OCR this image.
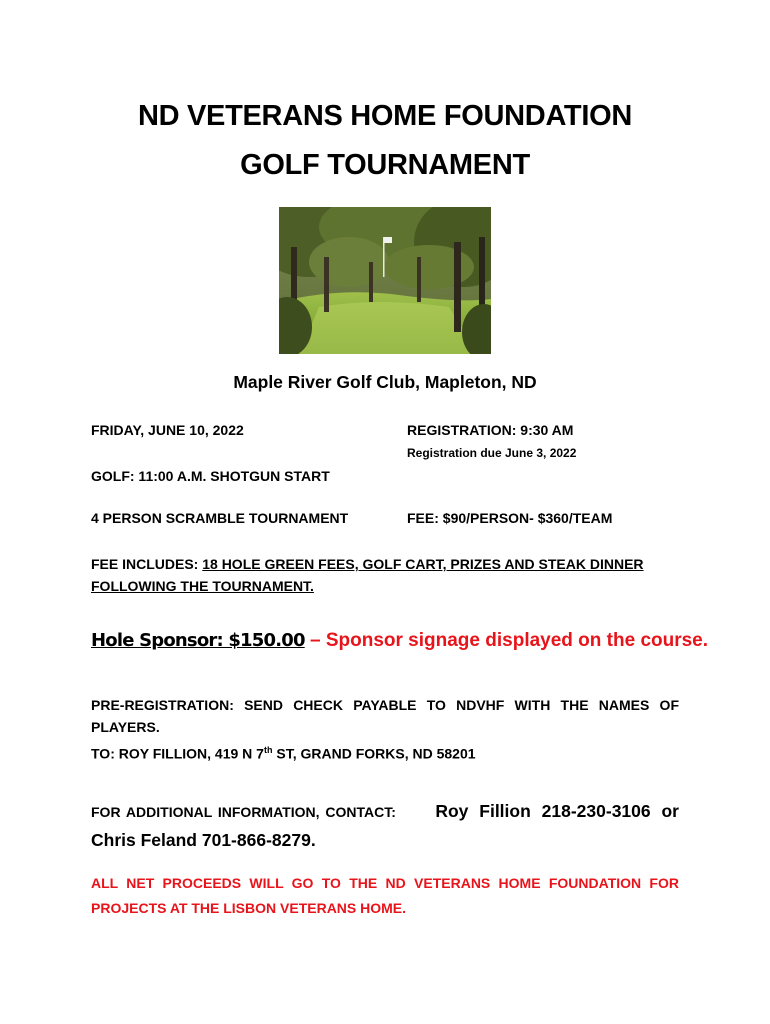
ND VETERANS HOME FOUNDATION
GOLF TOURNAMENT
Maple River Golf Club, Mapleton, ND
FRIDAY, JUNE 10, 2022	REGISTRATION: 9:30 AM
Registration due June 3, 2022
GOLF: 11:00 A.M. SHOTGUN START
4 PERSON SCRAMBLE TOURNAMENT	FEE: $90/PERSON- $360/TEAM
FEE INCLUDES: 18 HOLE GREEN FEES, GOLF CART, PRIZES AND STEAK DINNER
FOLLOWING THE TOURNAMENT.
Hole Sponsor: $150.00 – Sponsor signage displayed on the course.
PRE-REGISTRATION: SEND CHECK PAYABLE TO NDVHF WITH THE NAMES OF
PLAYERS.
TO: ROY FILLION, 419 N 7th ST, GRAND FORKS, ND 58201
FOR ADDITIONAL INFORMATION, CONTACT: Roy Fillion 218-230-3106 or
Chris Feland 701-866-8279.
ALL NET PROCEEDS WILL GO TO THE ND VETERANS HOME FOUNDATION FOR
PROJECTS AT THE LISBON VETERANS HOME.
